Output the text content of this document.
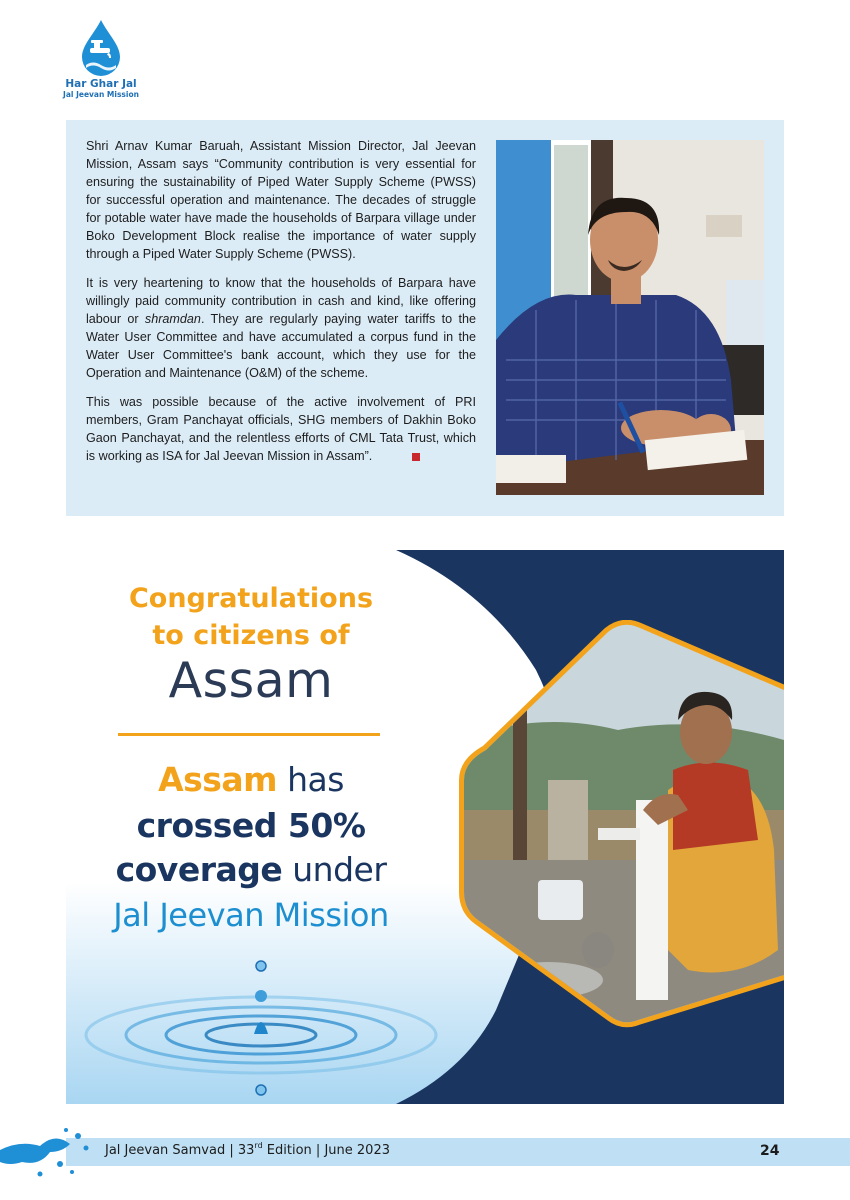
Har Ghar Jal
Jal Jeevan Mission

Shri Arnav Kumar Baruah, Assistant Mission Director, Jal Jeevan Mission, Assam says “Community contribution is very essential for ensuring the sustainability of Piped Water Supply Scheme (PWSS) for successful operation and maintenance. The decades of struggle for potable water have made the households of Barpara village under Boko Development Block realise the importance of water supply through a Piped Water Supply Scheme (PWSS).

It is very heartening to know that the households of Barpara have willingly paid community contribution in cash and kind, like offering labour or shramdan. They are regularly paying water tariffs to the Water User Committee and have accumulated a corpus fund in the Water User Committee's bank account, which they use for the Operation and Maintenance (O&M) of the scheme.

This was possible because of the active involvement of PRI members, Gram Panchayat officials, SHG members of Dakhin Boko Gaon Panchayat, and the relentless efforts of CML Tata Trust, which is working as ISA for Jal Jeevan Mission in Assam”.

Congratulations
to citizens of
Assam
Assam has
crossed 50%
coverage under
Jal Jeevan Mission
Jal Jeevan Samvad | 33rd Edition | June 2023	24
